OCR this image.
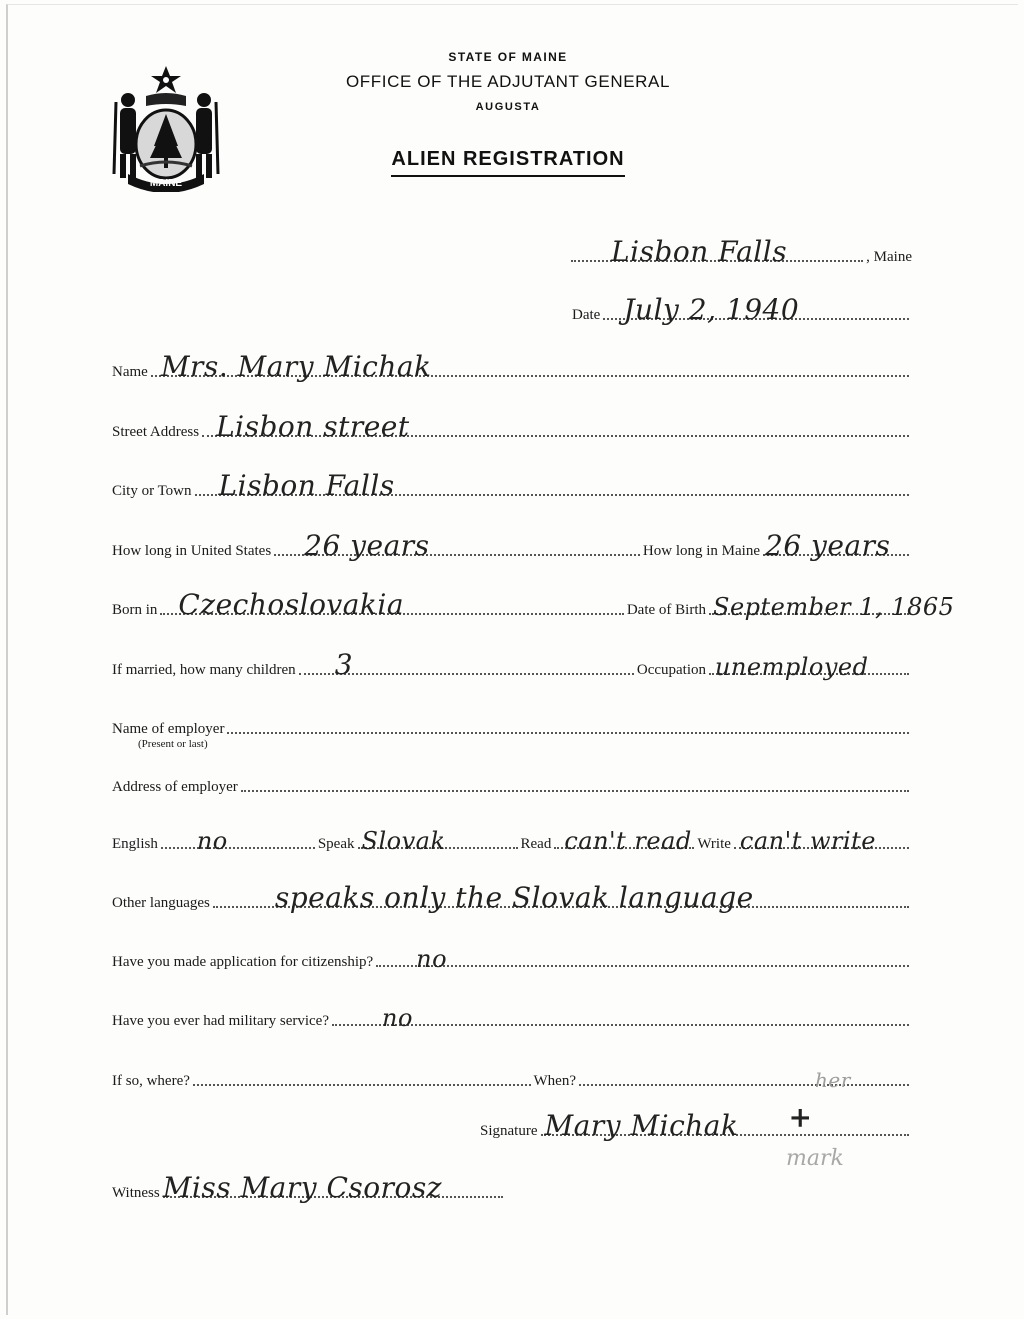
MAINE
STATE OF MAINE
OFFICE OF THE ADJUTANT GENERAL
AUGUSTA
ALIEN REGISTRATION
Lisbon Falls	, Maine
Date July 2, 1940
Name Mrs. Mary Michak
Street Address Lisbon street
City or Town Lisbon Falls
How long in United States 26 years	How long in Maine 26 years
Born in Czechoslovakia	Date of Birth September 1, 1865
If married, how many children 3	Occupation unemployed
Name of employer
(Present or last)
Address of employer
English no	Speak Slovak	Read can't read Write can't write
Other languages speaks only the Slovak language
Have you made application for citizenship? no
Have you ever had military service? no
If so, where?	When?	her
Signature Mary Michak +
mark
Witness Miss Mary Csorosz
